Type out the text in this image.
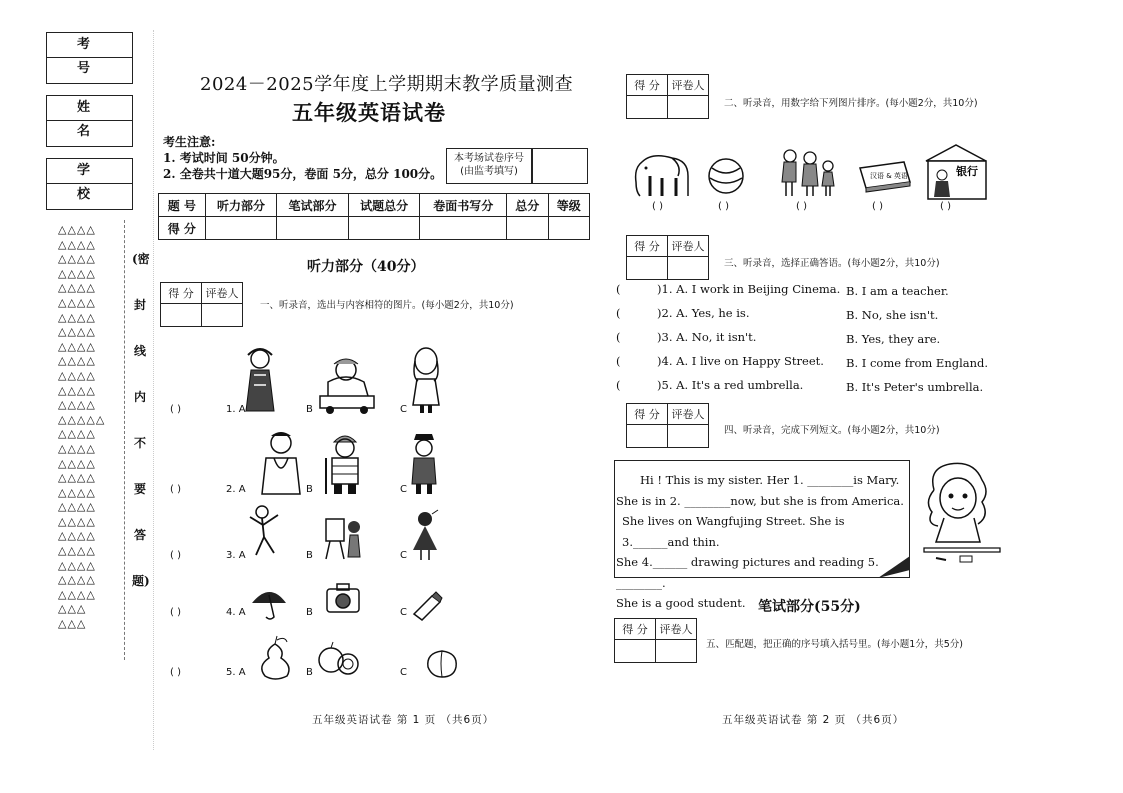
考 号
姓 名
学 校
△△△△
△△△△
△△△△
△△△△
△△△△
△△△△
△△△△
△△△△
△△△△
△△△△
△△△△
△△△△
△△△△
△△△△△
△△△△
△△△△
△△△△
△△△△
△△△△
△△△△
△△△△
△△△△
△△△△
△△△△
△△△△
△△△△
△△△
△△△
(密
封
线
内
不
要
答
题)
2024－2025学年度上学期期末教学质量测查
五年级英语试卷
考生注意:
1. 考试时间 50分钟。
2. 全卷共十道大题95分，卷面 5分，总分 100分。
本考场试卷序号
(由监考填写)
题 号	听力部分	笔试部分	试题总分	卷面书写分	总分	等级
得 分						
听力部分（40分）
得 分	评卷人

一、听录音，选出与内容相符的图片。(每小题2分，共10分)
( )	1. A	B	C
( )	2. A	B	C
( )	3. A	B	C
( )	4. A	B	C
( )	5. A	B	C
五年级英语试卷 第 1 页 （共6页）
得 分	评卷人

二、听录音，用数字给下列图片排序。(每小题2分，共10分)
汉语 & 英语	银行
( )	( )	( )	( )	( )
得 分	评卷人

三、听录音，选择正确答语。(每小题2分，共10分)
(          )1. A. I work in Beijing Cinema. B. I am a teacher.
(          )2. A. Yes, he is.	B. No, she isn't.
(          )3. A. No, it isn't.	B. Yes, they are.
(          )4. A. I live on Happy Street. B. I come from England.
(          )5. A. It's a red umbrella.	B. It's Peter's umbrella.
得 分	评卷人

四、听录音，完成下列短文。(每小题2分，共10分)
Hi ! This is my sister. Her 1. ________is Mary.
She is in 2. ________now, but she is from America.
She lives on Wangfujing Street. She is 3.______and thin.
She 4.______ drawing pictures and reading 5. ________.
She is a good student. 笔试部分(55分)
得 分	评卷人

五、匹配题，把正确的序号填入括号里。(每小题1分，共5分)
五年级英语试卷 第 2 页 （共6页）
